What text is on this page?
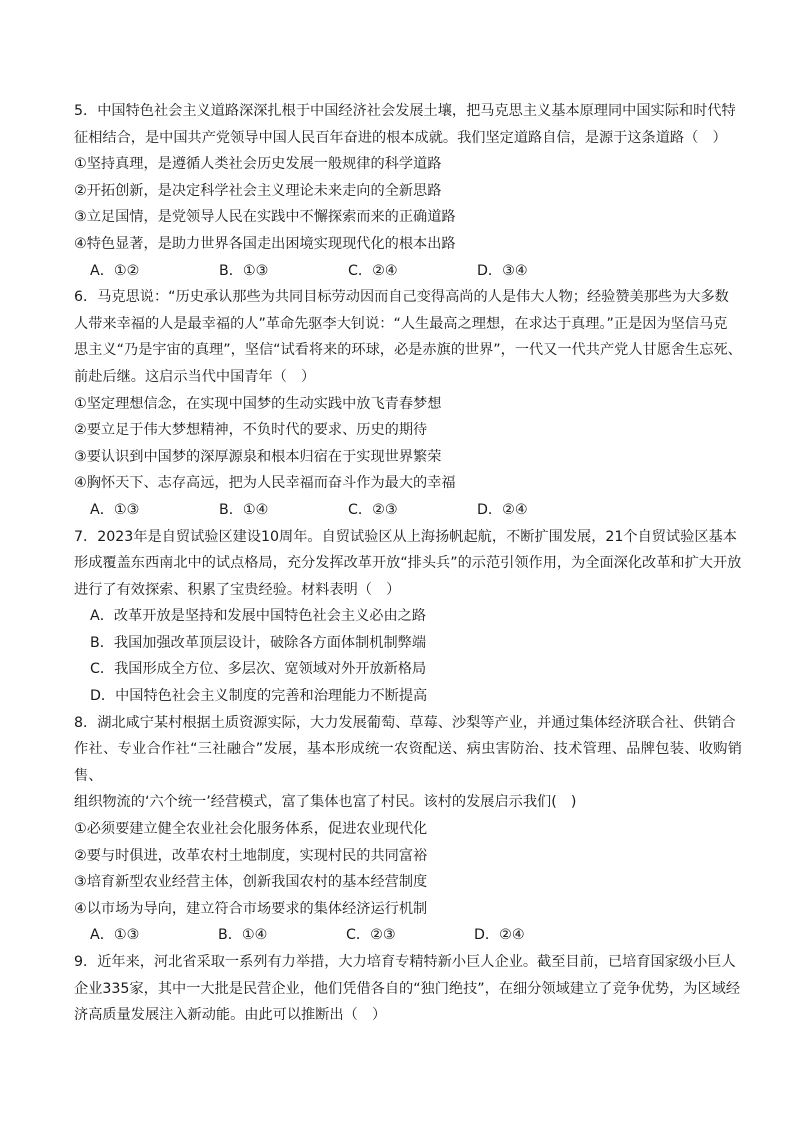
5．中国特色社会主义道路深深扎根于中国经济社会发展土壤，把马克思主义基本原理同中国实际和时代特

征相结合，是中国共产党领导中国人民百年奋进的根本成就。我们坚定道路自信，是源于这条道路（　）

①坚持真理，是遵循人类社会历史发展一般规律的科学道路

②开拓创新，是决定科学社会主义理论未来走向的全新思路

③立足国情，是党领导人民在实践中不懈探索而来的正确道路

④特色显著，是助力世界各国走出困境实现现代化的根本出路

A．①②	B．①③	C．②④	D．③④

6．马克思说：“历史承认那些为共同目标劳动因而自己变得高尚的人是伟大人物；经验赞美那些为大多数

人带来幸福的人是最幸福的人”革命先驱李大钊说：“人生最高之理想，在求达于真理。”正是因为坚信马克

思主义“乃是宇宙的真理”，坚信“试看将来的环球，必是赤旗的世界”，一代又一代共产党人甘愿舍生忘死、

前赴后继。这启示当代中国青年（　）

①坚定理想信念，在实现中国梦的生动实践中放飞青春梦想

②要立足于伟大梦想精神，不负时代的要求、历史的期待

③要认识到中国梦的深厚源泉和根本归宿在于实现世界繁荣

④胸怀天下、志存高远，把为人民幸福而奋斗作为最大的幸福

A．①③	B．①④	C．②③	D．②④

7．2023年是自贸试验区建设10周年。自贸试验区从上海扬帆起航，不断扩围发展，21个自贸试验区基本

形成覆盖东西南北中的试点格局，充分发挥改革开放“排头兵”的示范引领作用，为全面深化改革和扩大开放

进行了有效探索、积累了宝贵经验。材料表明（　）

A．改革开放是坚持和发展中国特色社会主义必由之路

B．我国加强改革顶层设计，破除各方面体制机制弊端

C．我国形成全方位、多层次、宽领域对外开放新格局

D．中国特色社会主义制度的完善和治理能力不断提高

8．湖北咸宁某村根据土质资源实际，大力发展葡萄、草莓、沙梨等产业，并通过集体经济联合社、供销合

作社、专业合作社“三社融合”发展，基本形成统一农资配送、病虫害防治、技术管理、品牌包装、收购销售、

组织物流的‘六个统一’经营模式，富了集体也富了村民。该村的发展启示我们(　)

①必须要建立健全农业社会化服务体系，促进农业现代化

②要与时俱进，改革农村土地制度，实现村民的共同富裕

③培育新型农业经营主体，创新我国农村的基本经营制度

④以市场为导向，建立符合市场要求的集体经济运行机制

A．①③	B．①④	C．②③	D．②④

9．近年来，河北省采取一系列有力举措，大力培育专精特新小巨人企业。截至目前，已培育国家级小巨人

企业335家，其中一大批是民营企业，他们凭借各自的“独门绝技”，在细分领域建立了竞争优势，为区域经

济高质量发展注入新动能。由此可以推断出（　）
